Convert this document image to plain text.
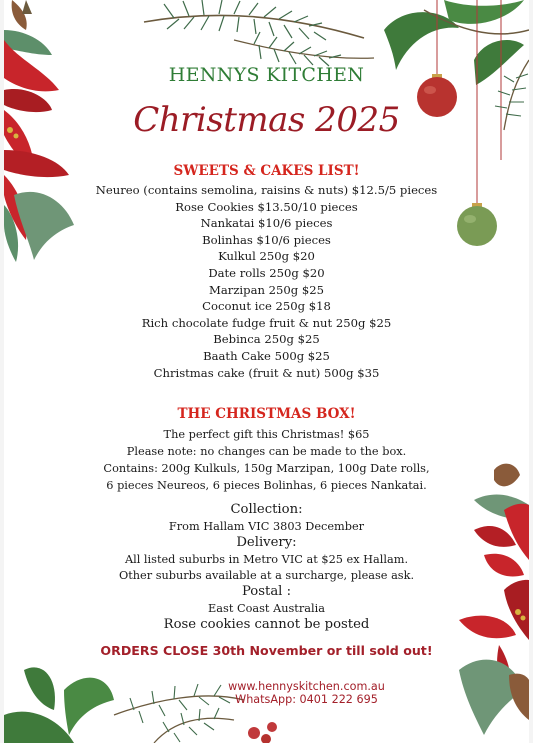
HENNYS KITCHEN
Christmas 2025
SWEETS & CAKES LIST!
Neureo (contains semolina, raisins & nuts) $12.5/5 pieces
Rose Cookies $13.50/10 pieces
Nankatai $10/6 pieces
Bolinhas $10/6 pieces
Kulkul 250g $20
Date rolls 250g $20
Marzipan 250g $25
Coconut ice 250g $18
Rich chocolate fudge fruit & nut 250g $25
Bebinca 250g $25
Baath Cake 500g $25
Christmas cake (fruit & nut) 500g $35
THE CHRISTMAS BOX!
The perfect gift this Christmas! $65
Please note: no changes can be made to the box.
Contains: 200g Kulkuls, 150g Marzipan, 100g Date rolls,
6 pieces Neureos, 6 pieces Bolinhas, 6 pieces Nankatai.
Collection:
From Hallam VIC 3803 December
Delivery:
All listed suburbs in Metro VIC at $25 ex Hallam.
Other suburbs available at a surcharge, please ask.
Postal :
East Coast Australia
Rose cookies cannot be posted
ORDERS CLOSE 30th November or till sold out!
www.hennyskitchen.com.au
WhatsApp: 0401 222 695
